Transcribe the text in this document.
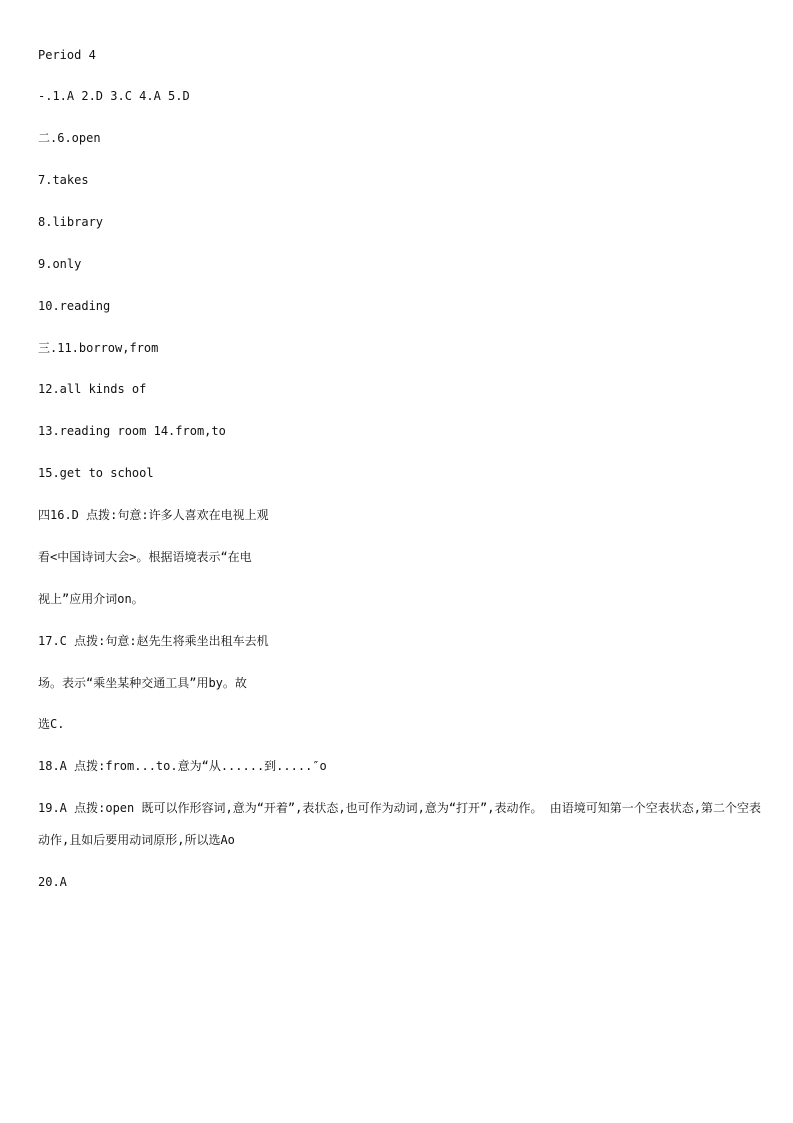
Period 4
-.1.A 2.D 3.C 4.A 5.D
二.6.open
7.takes
8.library
9.only
10.reading
三.11.borrow,from
12.all kinds of
13.reading room 14.from,to
15.get to school
四16.D 点拨:句意:许多人喜欢在电视上观
看<中国诗词大会>。根据语境表示“在电
视上”应用介词on。
17.C 点拨:句意:赵先生将乘坐出租车去机
场。表示“乘坐某种交通工具”用by。故
选C.
18.A 点拨:from...to.意为“从......到.....″o
19.A 点拨:open 既可以作形容词,意为“开着”,表状态,也可作为动词,意为“打开”,表动作。 由语境可知第一个空表状态,第二个空表动作,且如后要用动词原形,所以选Ao
20.A
